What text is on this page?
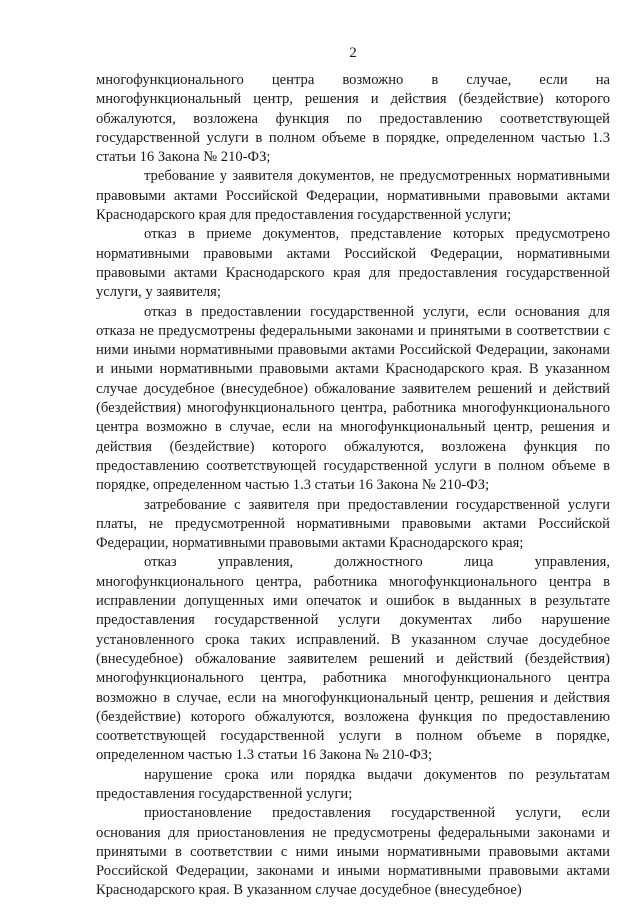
2

многофункционального центра возможно в случае, если на многофункциональный центр, решения и действия (бездействие) которого обжалуются, возложена функция по предоставлению соответствующей государственной услуги в полном объеме в порядке, определенном частью 1.3 статьи 16 Закона № 210-ФЗ;

требование у заявителя документов, не предусмотренных нормативными правовыми актами Российской Федерации, нормативными правовыми актами Краснодарского края для предоставления государственной услуги;

отказ в приеме документов, представление которых предусмотрено нормативными правовыми актами Российской Федерации, нормативными правовыми актами Краснодарского края для предоставления государственной услуги, у заявителя;

отказ в предоставлении государственной услуги, если основания для отказа не предусмотрены федеральными законами и принятыми в соответствии с ними иными нормативными правовыми актами Российской Федерации, законами и иными нормативными правовыми актами Краснодарского края. В указанном случае досудебное (внесудебное) обжалование заявителем решений и действий (бездействия) многофункционального центра, работника многофункционального центра возможно в случае, если на многофункциональный центр, решения и действия (бездействие) которого обжалуются, возложена функция по предоставлению соответствующей государственной услуги в полном объеме в порядке, определенном частью 1.3 статьи 16 Закона № 210-ФЗ;

затребование с заявителя при предоставлении государственной услуги платы, не предусмотренной нормативными правовыми актами Российской Федерации, нормативными правовыми актами Краснодарского края;

отказ управления, должностного лица управления, многофункционального центра, работника многофункционального центра в исправлении допущенных ими опечаток и ошибок в выданных в результате предоставления государственной услуги документах либо нарушение установленного срока таких исправлений. В указанном случае досудебное (внесудебное) обжалование заявителем решений и действий (бездействия) многофункционального центра, работника многофункционального центра возможно в случае, если на многофункциональный центр, решения и действия (бездействие) которого обжалуются, возложена функция по предоставлению соответствующей государственной услуги в полном объеме в порядке, определенном частью 1.3 статьи 16 Закона № 210-ФЗ;

нарушение срока или порядка выдачи документов по результатам предоставления государственной услуги;

приостановление предоставления государственной услуги, если основания для приостановления не предусмотрены федеральными законами и принятыми в соответствии с ними иными нормативными правовыми актами Российской Федерации, законами и иными нормативными правовыми актами Краснодарского края. В указанном случае досудебное (внесудебное)
